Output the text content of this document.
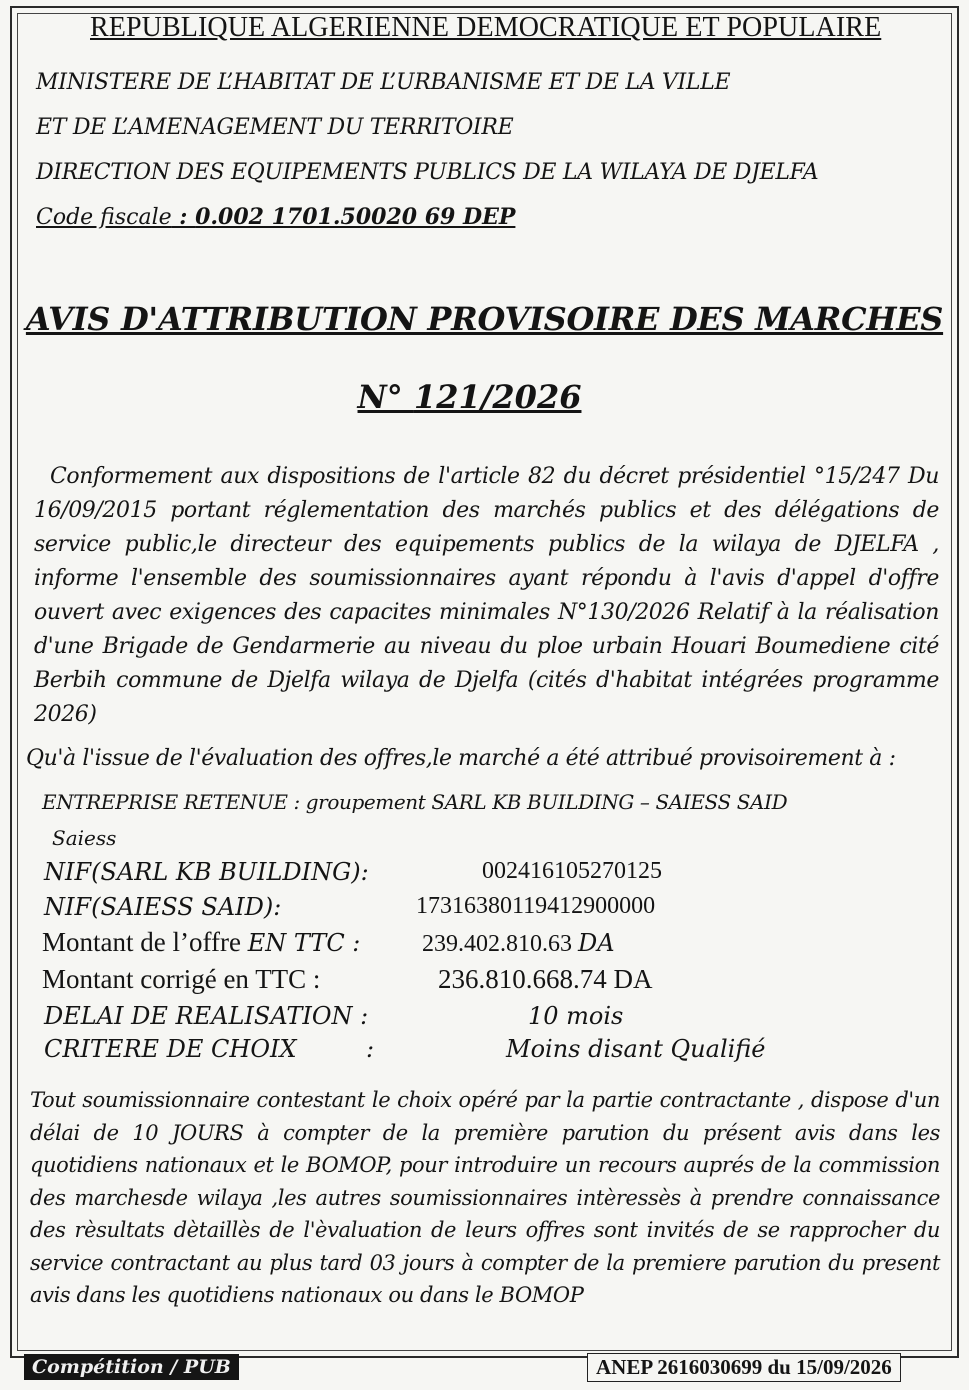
REPUBLIQUE ALGERIENNE DEMOCRATIQUE ET POPULAIRE
MINISTERE DE L’HABITAT DE L’URBANISME ET DE LA VILLE
ET DE L’AMENAGEMENT DU TERRITOIRE
DIRECTION DES EQUIPEMENTS PUBLICS DE LA WILAYA DE DJELFA
Code fiscale : 0.002 1701.50020 69 DEP
AVIS D'ATTRIBUTION PROVISOIRE DES MARCHES
N° 121/2026
Conformement aux dispositions de l'article 82 du décret présidentiel °15/247 Du 16/09/2015 portant réglementation des marchés publics et des délégations de service public,le directeur des equipements publics de la wilaya de DJELFA , informe l'ensemble des soumissionnaires ayant répondu à l'avis d'appel d'offre ouvert avec exigences des capacites minimales N°130/2026 Relatif à la réalisation d'une Brigade de Gendarmerie au niveau du ploe urbain Houari Boumediene cité Berbih commune de Djelfa wilaya de Djelfa (cités d'habitat intégrées programme 2026)
Qu'à l'issue de l'évaluation des offres,le marché a été attribué provisoirement à :
ENTREPRISE RETENUE : groupement SARL KB BUILDING – SAIESS SAID
Saiess
NIF(SARL KB BUILDING):	002416105270125
NIF(SAIESS SAID):	17316380119412900000
Montant de l’offre EN TTC :	239.402.810.63 DA
Montant corrigé en TTC :	236.810.668.74 DA
DELAI DE REALISATION :	10 mois
CRITERE DE CHOIX	:	Moins disant Qualifié
Tout soumissionnaire contestant le choix opéré par la partie contractante , dispose d'un délai de 10 JOURS à compter de la première parution du présent avis dans les quotidiens nationaux et le BOMOP, pour introduire un recours auprés de la commission des marchesde wilaya ,les autres soumissionnaires intèressès à prendre connaissance des rèsultats dètaillès de l'èvaluation de leurs offres sont invités de se rapprocher du service contractant au plus tard 03 jours à compter de la premiere parution du present avis dans les quotidiens nationaux ou dans le BOMOP
Compétition / PUB	ANEP 2616030699 du 15/09/2026
